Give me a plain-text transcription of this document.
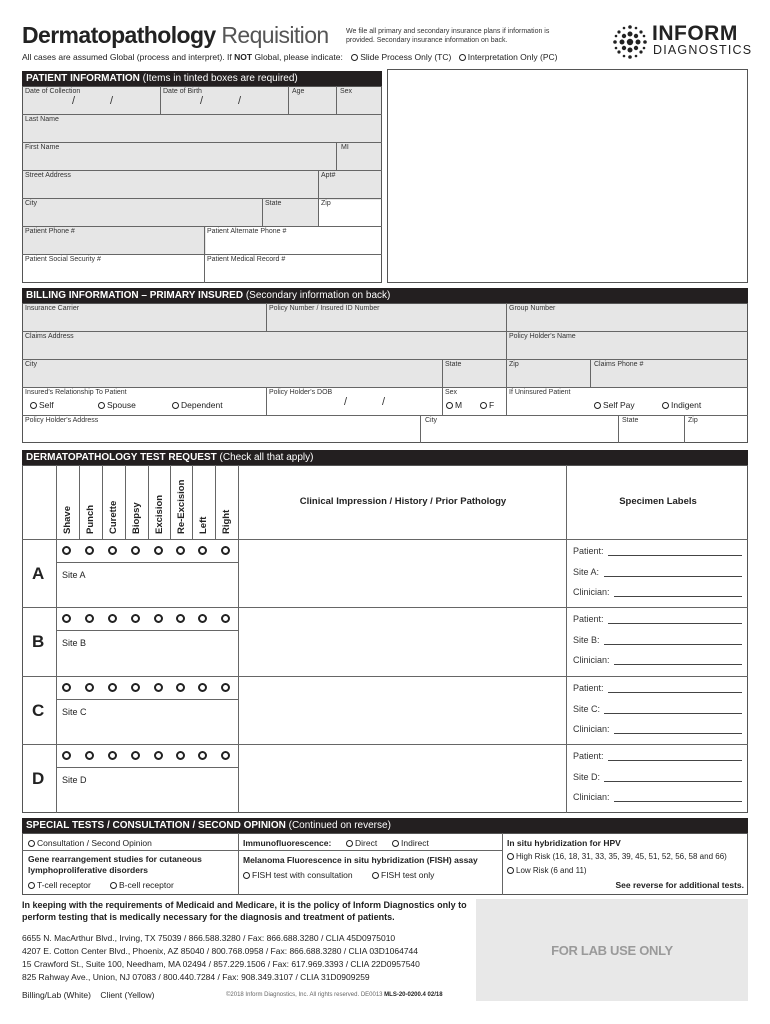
Dermatopathology Requisition We file all primary and secondary insurance plans if information is provided. Secondary insurance information on back.
All cases are assumed Global (process and interpret). If NOT Global, please indicate: Slide Process Only (TC) Interpretation Only (PC)
INFORM
DIAGNOSTICS
PATIENT INFORMATION (Items in tinted boxes are required)
Date of Collection
/	/
Date of Birth
/	/
Age	Sex
Last Name
First Name	MI
Street Address	Apt#
City	State	Zip
Patient Phone #	Patient Alternate Phone #
Patient Social Security #	Patient Medical Record #
BILLING INFORMATION – PRIMARY INSURED (Secondary information on back)
Insurance Carrier	Policy Number / Insured ID Number	Group Number
Claims Address	Policy Holder's Name
City	State	Zip	Claims Phone #
Insured's Relationship To Patient
Self	Spouse	Dependent
Policy Holder's DOB
/	/
Sex
M	F
If Uninsured Patient
Self Pay	Indigent
Policy Holder's Address	City	State	Zip
DERMATOPATHOLOGY TEST REQUEST (Check all that apply)
Shave Punch Curette Biopsy Excision Re-Excision Left Right
Clinical Impression / History / Prior Pathology	Specimen Labels
A Site A
Patient:
Site A:
Clinician:
B Site B
Patient:
Site B:
Clinician:
C Site C
Patient:
Site C:
Clinician:
D Site D
Patient:
Site D:
Clinician:
SPECIAL TESTS / CONSULTATION / SECOND OPINION (Continued on reverse)
Consultation / Second Opinion
Gene rearrangement studies for cutaneous lymphoproliferative disorders
T-cell receptor	B-cell receptor
Immunofluorescence:	Direct	Indirect
Melanoma Fluorescence in situ hybridization (FISH) assay
FISH test with consultation	FISH test only
In situ hybridization for HPV
High Risk (16, 18, 31, 33, 35, 39, 45, 51, 52, 56, 58 and 66)
Low Risk (6 and 11)
See reverse for additional tests.
In keeping with the requirements of Medicaid and Medicare, it is the policy of Inform Diagnostics only to perform testing that is medically necessary for the diagnosis and treatment of patients.
6655 N. MacArthur Blvd., Irving, TX 75039 / 866.588.3280 / Fax: 866.688.3280 / CLIA 45D0975010
4207 E. Cotton Center Blvd., Phoenix, AZ 85040 / 800.768.0958 / Fax: 866.688.3280 / CLIA 03D1064744
15 Crawford St., Suite 100, Needham, MA 02494 / 857.229.1506 / Fax: 617.969.3393 / CLIA 22D0957540
825 Rahway Ave., Union, NJ 07083 / 800.440.7284 / Fax: 908.349.3107 / CLIA 31D0909259
Billing/Lab (White)    Client (Yellow)	©2018 Inform Diagnostics, Inc. All rights reserved. DE0013 MLS-20-0200.4 02/18
FOR LAB USE ONLY
